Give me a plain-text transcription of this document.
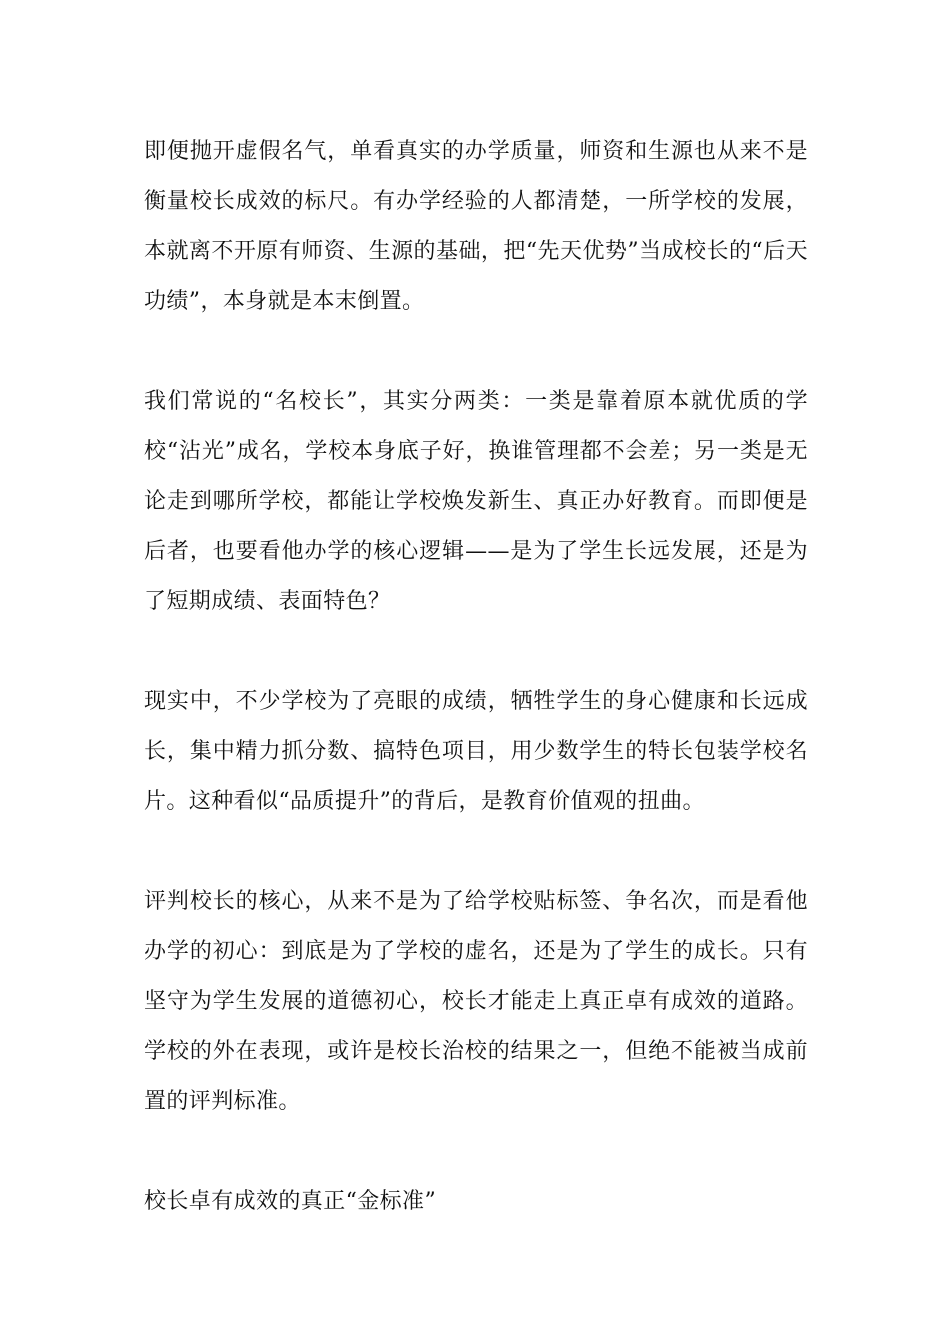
即便抛开虚假名气，单看真实的办学质量，师资和生源也从来不是衡量校长成效的标尺。有办学经验的人都清楚，一所学校的发展，本就离不开原有师资、生源的基础，把“先天优势”当成校长的“后天功绩”，本身就是本末倒置。

我们常说的“名校长”，其实分两类：一类是靠着原本就优质的学校“沾光”成名，学校本身底子好，换谁管理都不会差；另一类是无论走到哪所学校，都能让学校焕发新生、真正办好教育。而即便是后者，也要看他办学的核心逻辑——是为了学生长远发展，还是为了短期成绩、表面特色？

现实中，不少学校为了亮眼的成绩，牺牲学生的身心健康和长远成长，集中精力抓分数、搞特色项目，用少数学生的特长包装学校名片。这种看似“品质提升”的背后，是教育价值观的扭曲。

评判校长的核心，从来不是为了给学校贴标签、争名次，而是看他办学的初心：到底是为了学校的虚名，还是为了学生的成长。只有坚守为学生发展的道德初心，校长才能走上真正卓有成效的道路。学校的外在表现，或许是校长治校的结果之一，但绝不能被当成前置的评判标准。

校长卓有成效的真正“金标准”
